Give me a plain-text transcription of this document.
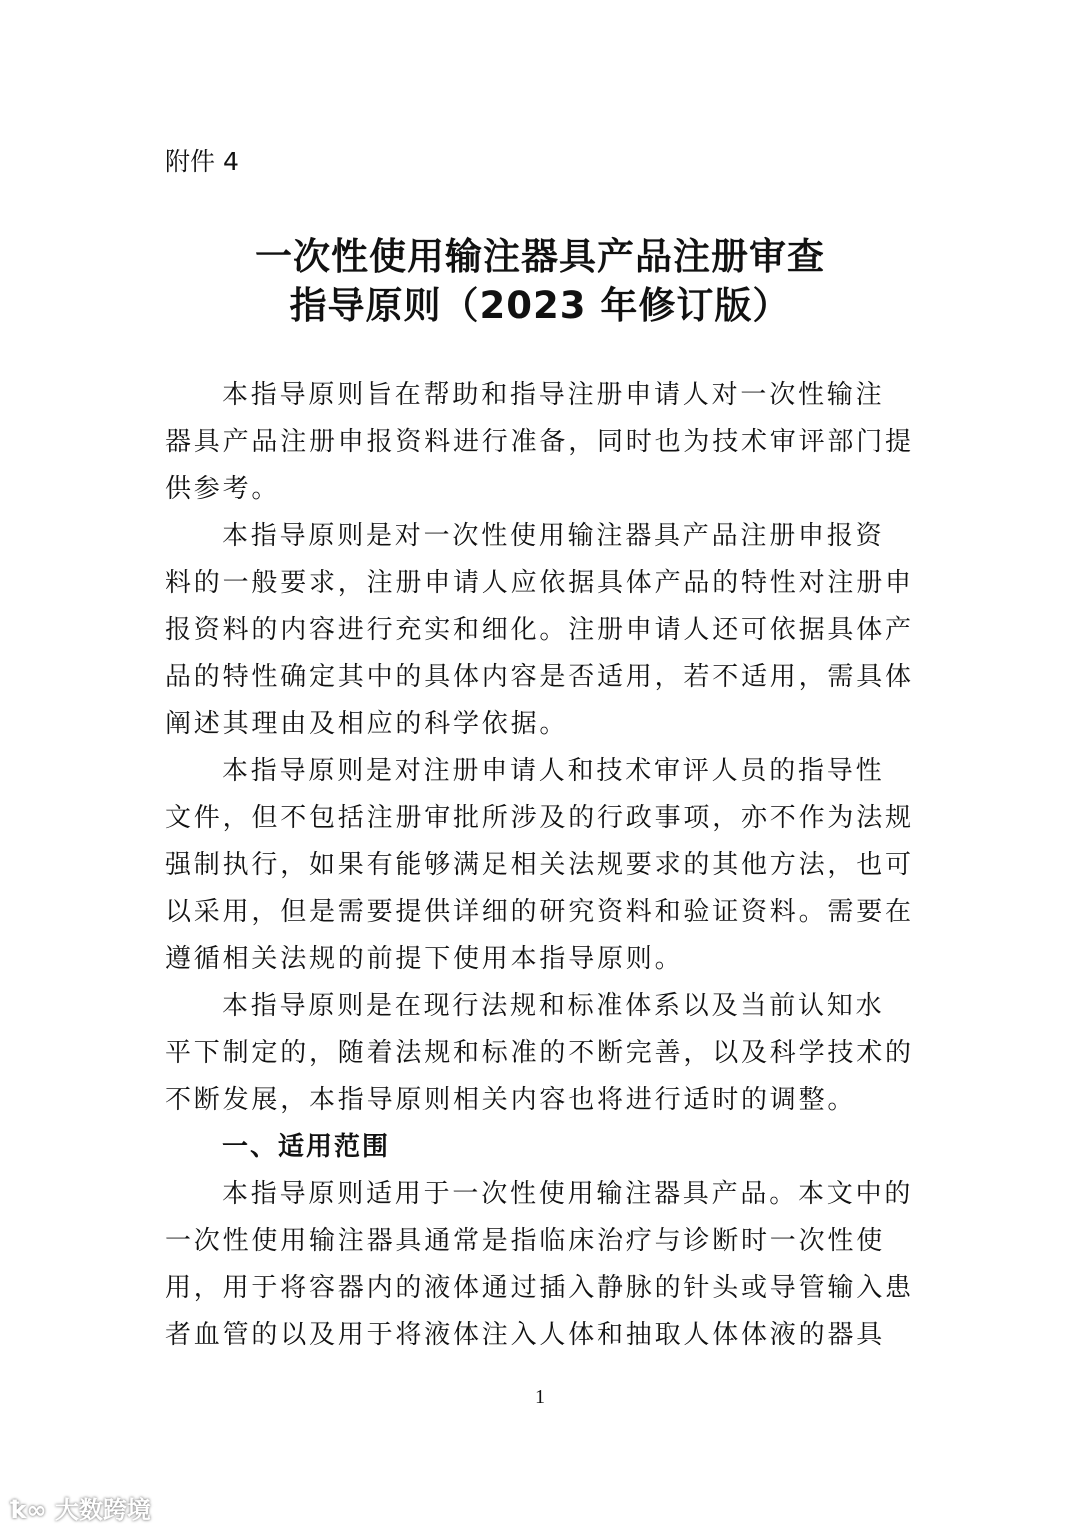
附件 4
一次性使用输注器具产品注册审查
指导原则（2023 年修订版）
本指导原则旨在帮助和指导注册申请人对一次性输注
器具产品注册申报资料进行准备，同时也为技术审评部门提
供参考。
本指导原则是对一次性使用输注器具产品注册申报资
料的一般要求，注册申请人应依据具体产品的特性对注册申
报资料的内容进行充实和细化。注册申请人还可依据具体产
品的特性确定其中的具体内容是否适用，若不适用，需具体
阐述其理由及相应的科学依据。
本指导原则是对注册申请人和技术审评人员的指导性
文件，但不包括注册审批所涉及的行政事项，亦不作为法规
强制执行，如果有能够满足相关法规要求的其他方法，也可
以采用，但是需要提供详细的研究资料和验证资料。需要在
遵循相关法规的前提下使用本指导原则。
本指导原则是在现行法规和标准体系以及当前认知水
平下制定的，随着法规和标准的不断完善，以及科学技术的
不断发展，本指导原则相关内容也将进行适时的调整。
一、适用范围
本指导原则适用于一次性使用输注器具产品。本文中的
一次性使用输注器具通常是指临床治疗与诊断时一次性使
用，用于将容器内的液体通过插入静脉的针头或导管输入患
者血管的以及用于将液体注入人体和抽取人体体液的器具
1
ꝁ∞ 大数跨境
